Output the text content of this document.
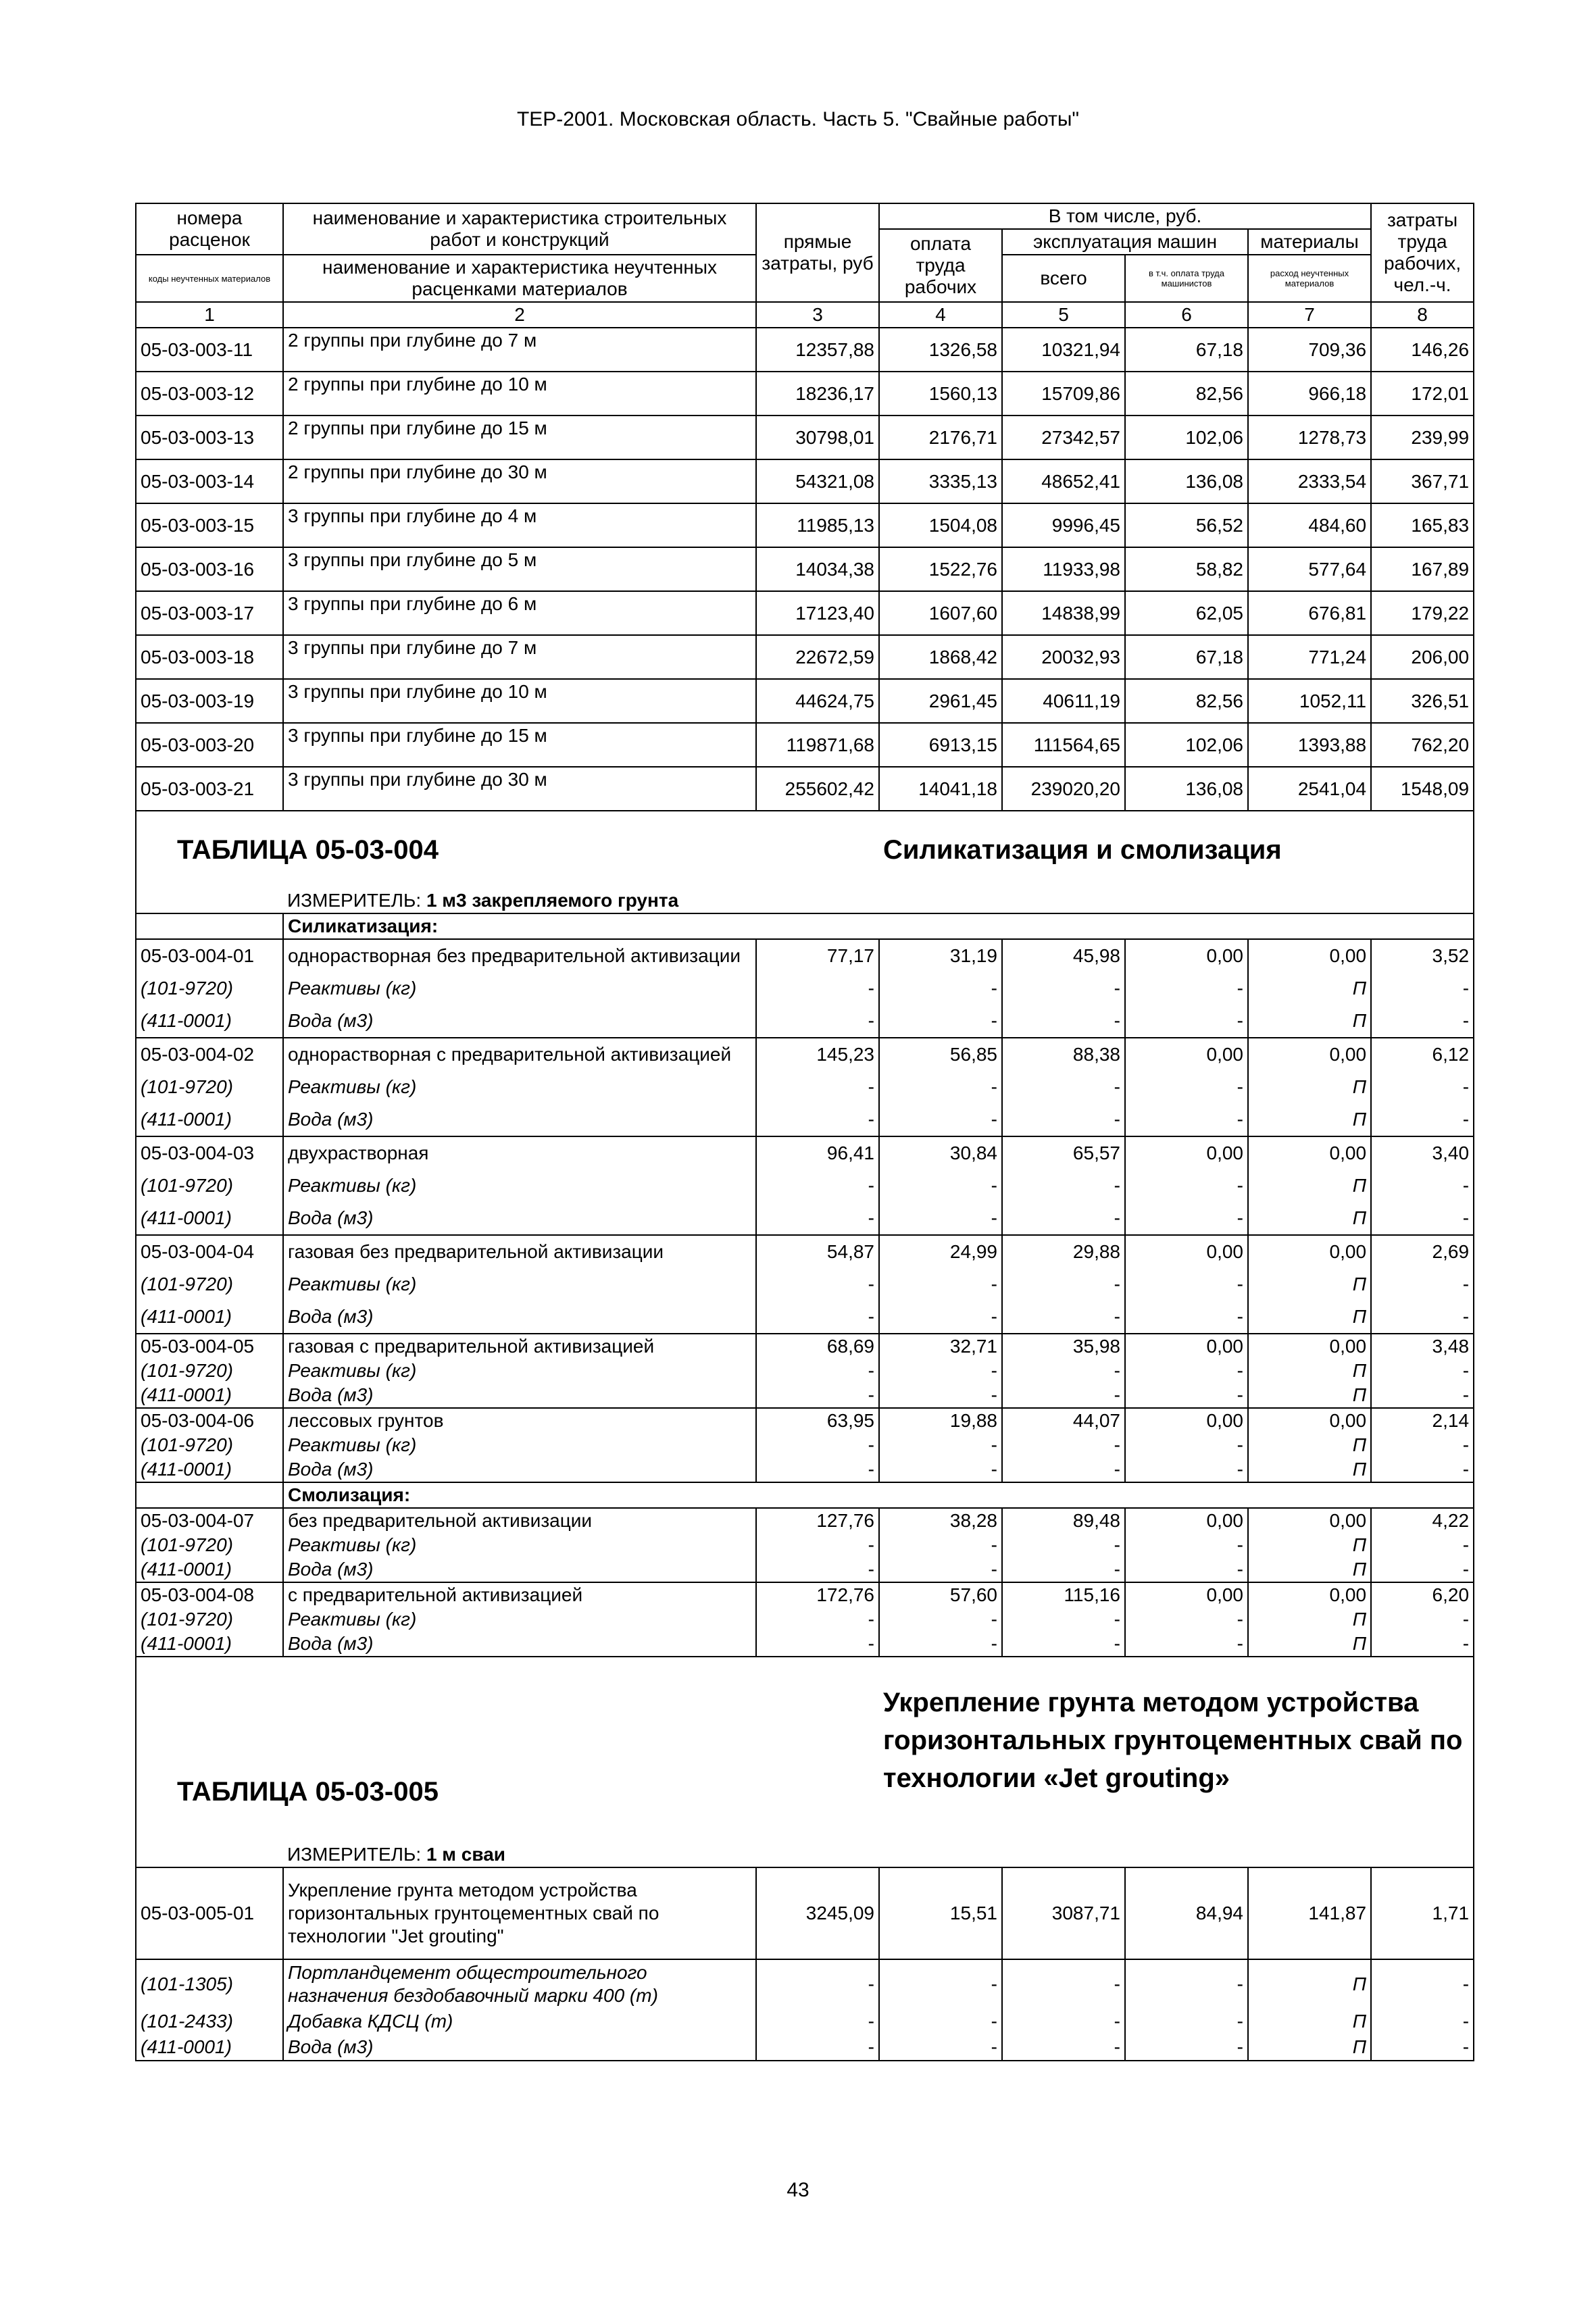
ТЕР-2001. Московская область. Часть 5. "Свайные работы"
номера расценок	наименование и характеристика строительных работ и конструкций	прямые затраты, руб	В том числе, руб.				затраты труда рабочих, чел.-ч.
			оплата труда рабочих	эксплуатация машин		материалы	
коды неучтенных материалов	наименование и характеристика неучтенных расценками материалов			всего	в т.ч. оплата труда машинистов	расход неучтенных материалов	
1	2	3	4	5	6	7	8
05-03-003-11	2 группы при глубине до 7 м	12357,88	1326,58	10321,94	67,18	709,36	146,26
05-03-003-12	2 группы при глубине до 10 м	18236,17	1560,13	15709,86	82,56	966,18	172,01
05-03-003-13	2 группы при глубине до 15 м	30798,01	2176,71	27342,57	102,06	1278,73	239,99
05-03-003-14	2 группы при глубине до 30 м	54321,08	3335,13	48652,41	136,08	2333,54	367,71
05-03-003-15	3 группы при глубине до 4 м	11985,13	1504,08	9996,45	56,52	484,60	165,83
05-03-003-16	3 группы при глубине до 5 м	14034,38	1522,76	11933,98	58,82	577,64	167,89
05-03-003-17	3 группы при глубине до 6 м	17123,40	1607,60	14838,99	62,05	676,81	179,22
05-03-003-18	3 группы при глубине до 7 м	22672,59	1868,42	20032,93	67,18	771,24	206,00
05-03-003-19	3 группы при глубине до 10 м	44624,75	2961,45	40611,19	82,56	1052,11	326,51
05-03-003-20	3 группы при глубине до 15 м	119871,68	6913,15	111564,65	102,06	1393,88	762,20
05-03-003-21	3 группы при глубине до 30 м	255602,42	14041,18	239020,20	136,08	2541,04	1548,09
ТАБЛИЦА 05-03-004			Силикатизация и смолизация				
	ИЗМЕРИТЕЛЬ: 1 м3 закрепляемого грунта						
	Силикатизация:						
05-03-004-01	однорастворная без предварительной активизации	77,17	31,19	45,98	0,00	0,00	3,52
(101-9720)	Реактивы (кг)	-	-	-	-	П	-
(411-0001)	Вода (м3)	-	-	-	-	П	-
05-03-004-02	однорастворная с предварительной активизацией	145,23	56,85	88,38	0,00	0,00	6,12
(101-9720)	Реактивы (кг)	-	-	-	-	П	-
(411-0001)	Вода (м3)	-	-	-	-	П	-
05-03-004-03	двухрастворная	96,41	30,84	65,57	0,00	0,00	3,40
(101-9720)	Реактивы (кг)	-	-	-	-	П	-
(411-0001)	Вода (м3)	-	-	-	-	П	-
05-03-004-04	газовая без предварительной активизации	54,87	24,99	29,88	0,00	0,00	2,69
(101-9720)	Реактивы (кг)	-	-	-	-	П	-
(411-0001)	Вода (м3)	-	-	-	-	П	-
05-03-004-05	газовая с предварительной активизацией	68,69	32,71	35,98	0,00	0,00	3,48
(101-9720)	Реактивы (кг)	-	-	-	-	П	-
(411-0001)	Вода (м3)	-	-	-	-	П	-
05-03-004-06	лессовых грунтов	63,95	19,88	44,07	0,00	0,00	2,14
(101-9720)	Реактивы (кг)	-	-	-	-	П	-
(411-0001)	Вода (м3)	-	-	-	-	П	-
	Смолизация:						
05-03-004-07	без предварительной активизации	127,76	38,28	89,48	0,00	0,00	4,22
(101-9720)	Реактивы (кг)	-	-	-	-	П	-
(411-0001)	Вода (м3)	-	-	-	-	П	-
05-03-004-08	с предварительной активизацией	172,76	57,60	115,16	0,00	0,00	6,20
(101-9720)	Реактивы (кг)	-	-	-	-	П	-
(411-0001)	Вода (м3)	-	-	-	-	П	-
ТАБЛИЦА 05-03-005			Укрепление грунта методом устройства
горизонтальных грунтоцементных свай по
технологии «Jet grouting»				

	ИЗМЕРИТЕЛЬ: 1 м сваи						
05-03-005-01	Укрепление грунта методом устройства
горизонтальных грунтоцементных свай по
технологии "Jet grouting"	3245,09	15,51	3087,71	84,94	141,87	1,71
(101-1305)	Портландцемент общестроительного
назначения бездобавочный марки 400 (т)	-	-	-	-	П	-
(101-2433)	Добавка КДСЦ (т)	-	-	-	-	П	-
(411-0001)	Вода (м3)	-	-	-	-	П	-
43
